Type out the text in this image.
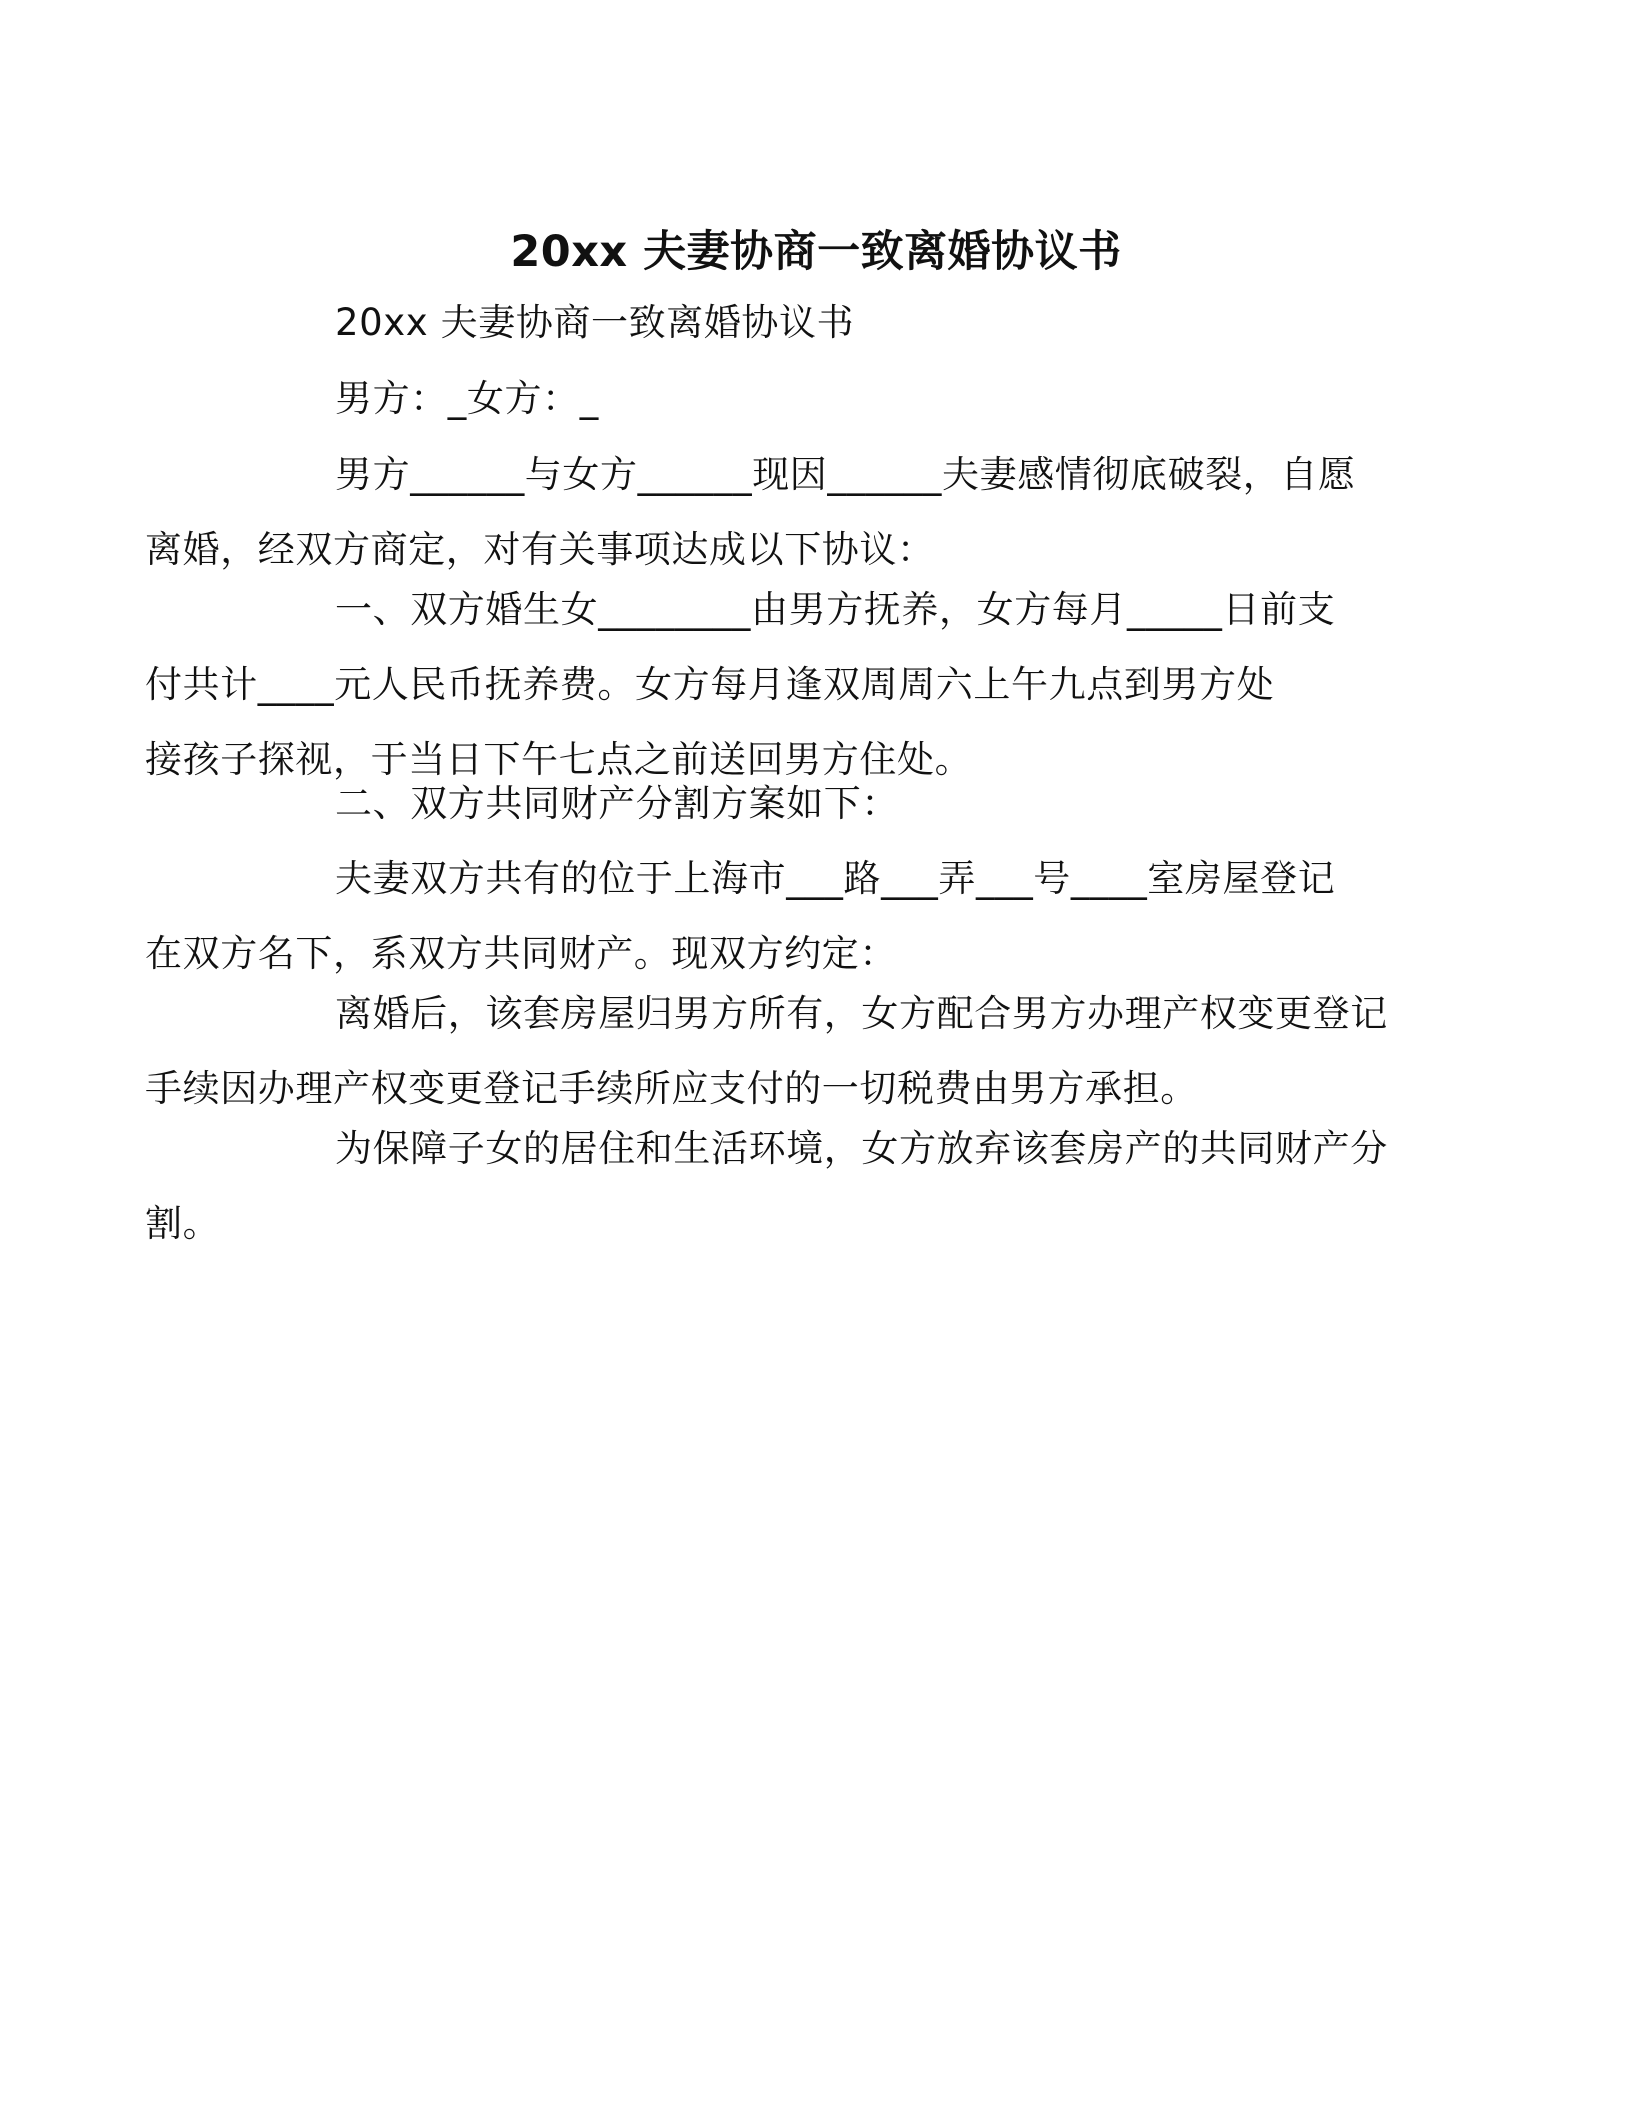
20xx 夫妻协商一致离婚协议书

20xx 夫妻协商一致离婚协议书

男方：_女方：_

男方______与女方______现因______夫妻感情彻底破裂，自愿
离婚，经双方商定，对有关事项达成以下协议：

一、双方婚生女________由男方抚养，女方每月_____日前支
付共计____元人民币抚养费。女方每月逢双周周六上午九点到男方处
接孩子探视，于当日下午七点之前送回男方住处。

二、双方共同财产分割方案如下：

夫妻双方共有的位于上海市___路___弄___号____室房屋登记
在双方名下，系双方共同财产。现双方约定：

离婚后，该套房屋归男方所有，女方配合男方办理产权变更登记
手续因办理产权变更登记手续所应支付的一切税费由男方承担。

为保障子女的居住和生活环境，女方放弃该套房产的共同财产分
割。
